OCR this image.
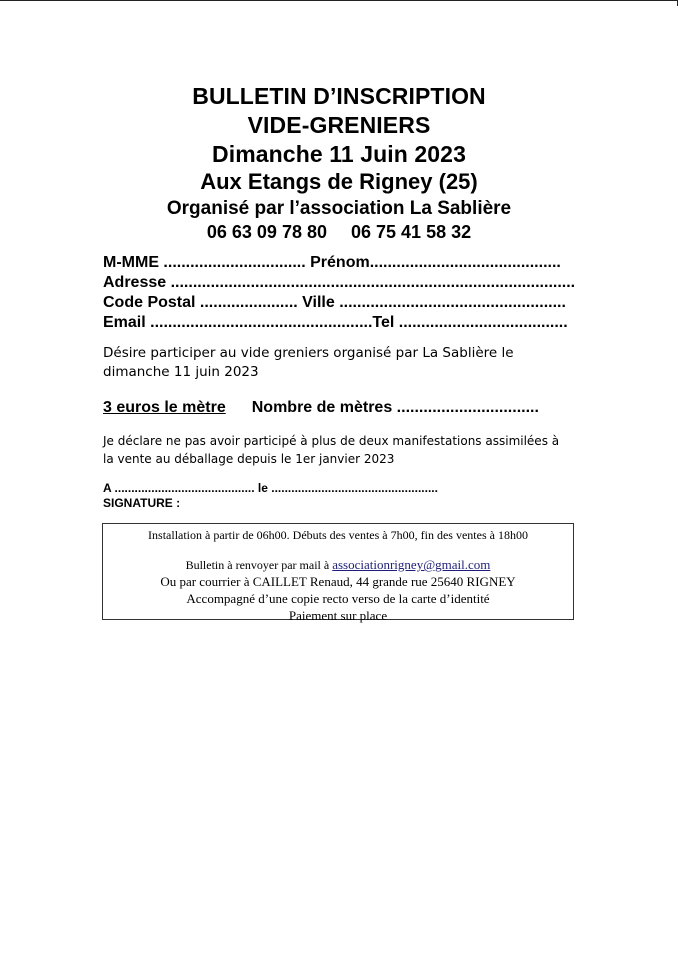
BULLETIN D’INSCRIPTION
VIDE-GRENIERS
Dimanche 11 Juin 2023
Aux Etangs de Rigney (25)
Organisé par l’association La Sablière
06 63 09 78 80 06 75 41 58 32
M-MME ................................ Prénom...........................................
Adresse ...........................................................................................
Code Postal ...................... Ville ...................................................
Email ..................................................Tel ......................................
Désire participer au vide greniers organisé par La Sablière le dimanche 11 juin 2023
3 euros le mètre Nombre de mètres ................................
Je déclare ne pas avoir participé à plus de deux manifestations assimilées à la vente au déballage depuis le 1er janvier 2023
A .......................................... le ..................................................
SIGNATURE :
Installation à partir de 06h00. Débuts des ventes à 7h00, fin des ventes à 18h00
Bulletin à renvoyer par mail à associationrigney@gmail.com
Ou par courrier à CAILLET Renaud, 44 grande rue 25640 RIGNEY
Accompagné d’une copie recto verso de la carte d’identité
Paiement sur place
